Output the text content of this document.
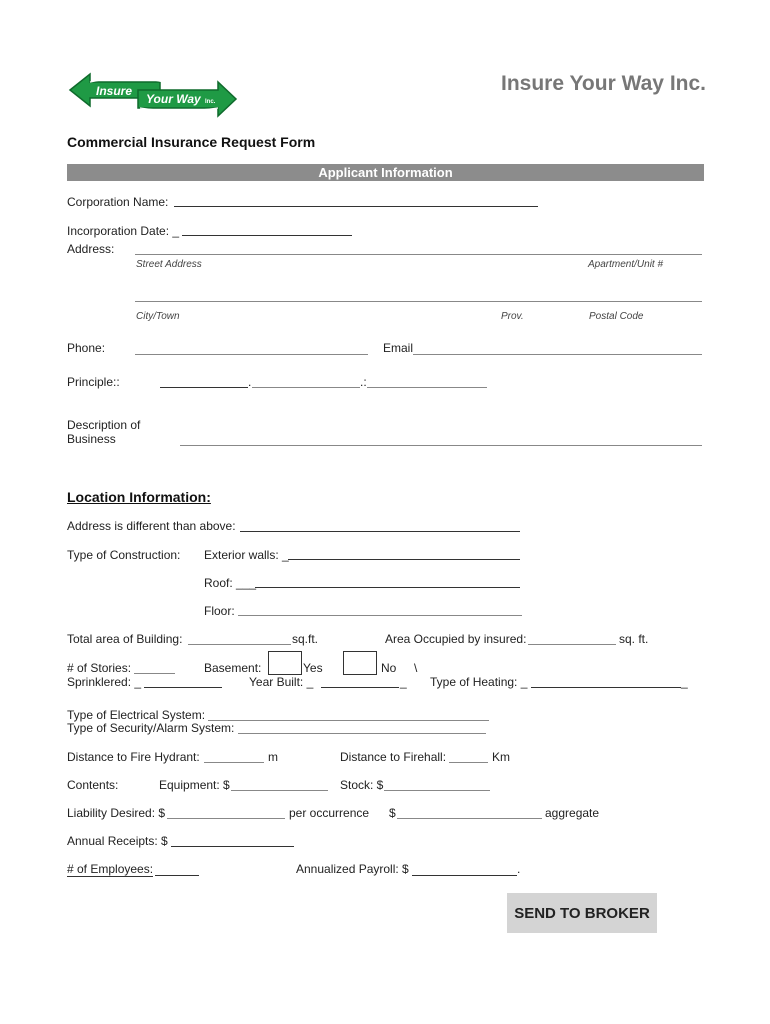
Insure
Your Way Inc.
Insure Your Way Inc.
Commercial Insurance Request Form
Applicant Information
Corporation Name:
Incorporation Date: _
Address:
Street Address	Apartment/Unit #
City/Town	Prov.	Postal Code
Phone:	Email
Principle::	.	.:
Description of
Business
Location Information:
Address is different than above:
Type of Construction: Exterior walls: _
Roof: ___
Floor:
Total area of Building:	sq.ft.	Area Occupied by insured:	sq. ft.
# of Stories:	Basement:	Yes	No \
Sprinklered: _	Year Built: _	_ Type of Heating: _	_
Type of Electrical System:
Type of Security/Alarm System:
Distance to Fire Hydrant:	m	Distance to Firehall:	Km
Contents:	Equipment: $	Stock: $
Liability Desired: $	per occurrence $	aggregate
Annual Receipts: $
# of Employees:	Annualized Payroll: $	.
SEND TO BROKER
